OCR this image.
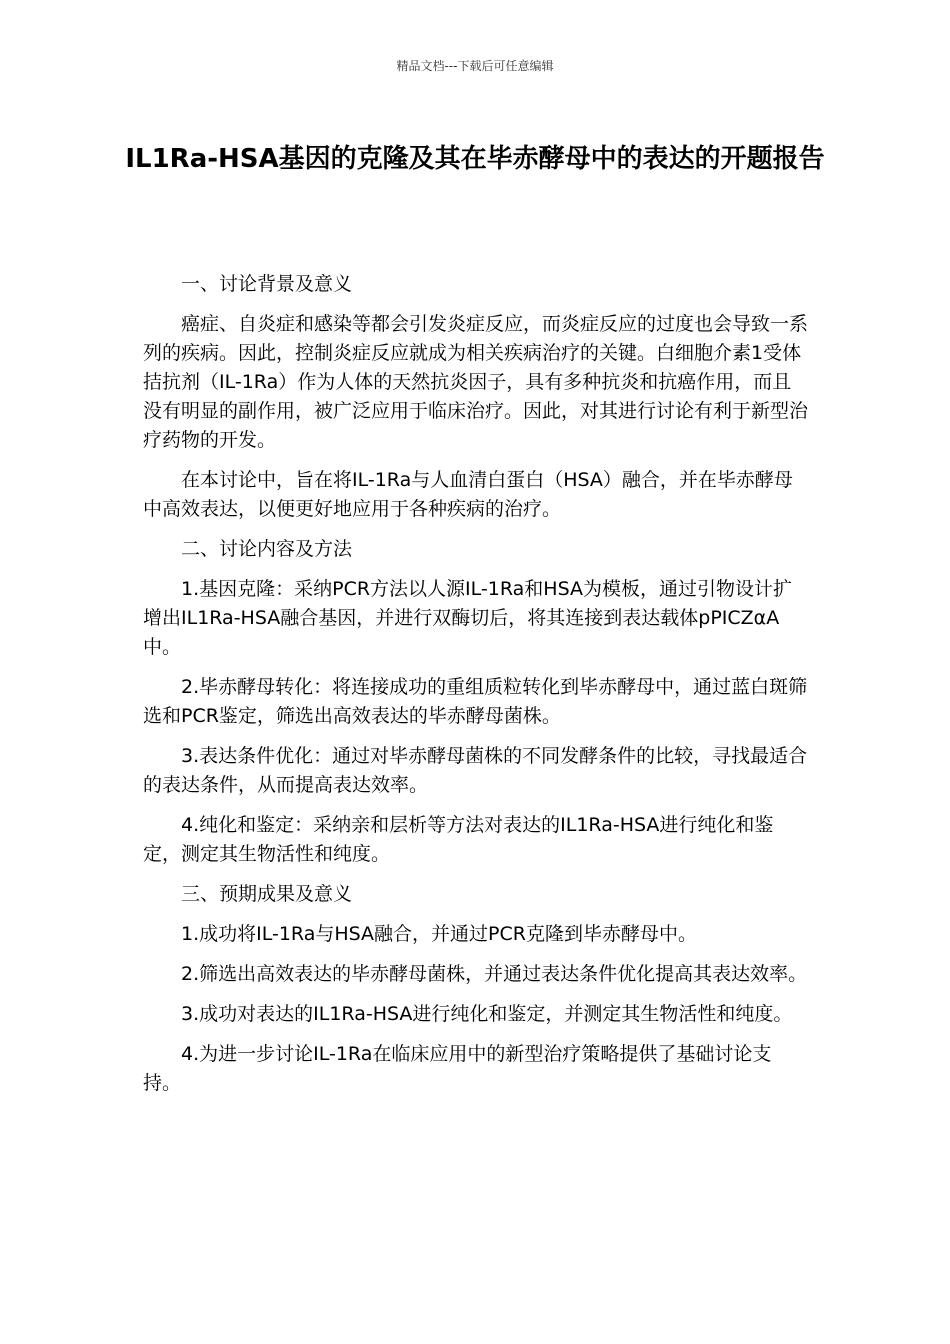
精品文档---下载后可任意编辑
IL1Ra-HSA基因的克隆及其在毕赤酵母中的表达的开题报告

一、讨论背景及意义

癌症、自炎症和感染等都会引发炎症反应，而炎症反应的过度也会导致一系列的疾病。因此，控制炎症反应就成为相关疾病治疗的关键。白细胞介素1受体拮抗剂（IL-1Ra）作为人体的天然抗炎因子，具有多种抗炎和抗癌作用，而且没有明显的副作用，被广泛应用于临床治疗。因此，对其进行讨论有利于新型治疗药物的开发。

在本讨论中，旨在将IL-1Ra与人血清白蛋白（HSA）融合，并在毕赤酵母中高效表达，以便更好地应用于各种疾病的治疗。

二、讨论内容及方法

1.基因克隆：采纳PCR方法以人源IL-1Ra和HSA为模板，通过引物设计扩增出IL1Ra-HSA融合基因，并进行双酶切后，将其连接到表达载体pPICZαA中。

2.毕赤酵母转化：将连接成功的重组质粒转化到毕赤酵母中，通过蓝白斑筛选和PCR鉴定，筛选出高效表达的毕赤酵母菌株。

3.表达条件优化：通过对毕赤酵母菌株的不同发酵条件的比较，寻找最适合的表达条件，从而提高表达效率。

4.纯化和鉴定：采纳亲和层析等方法对表达的IL1Ra-HSA进行纯化和鉴定，测定其生物活性和纯度。

三、预期成果及意义

1.成功将IL-1Ra与HSA融合，并通过PCR克隆到毕赤酵母中。

2.筛选出高效表达的毕赤酵母菌株，并通过表达条件优化提高其表达效率。

3.成功对表达的IL1Ra-HSA进行纯化和鉴定，并测定其生物活性和纯度。

4.为进一步讨论IL-1Ra在临床应用中的新型治疗策略提供了基础讨论支持。
